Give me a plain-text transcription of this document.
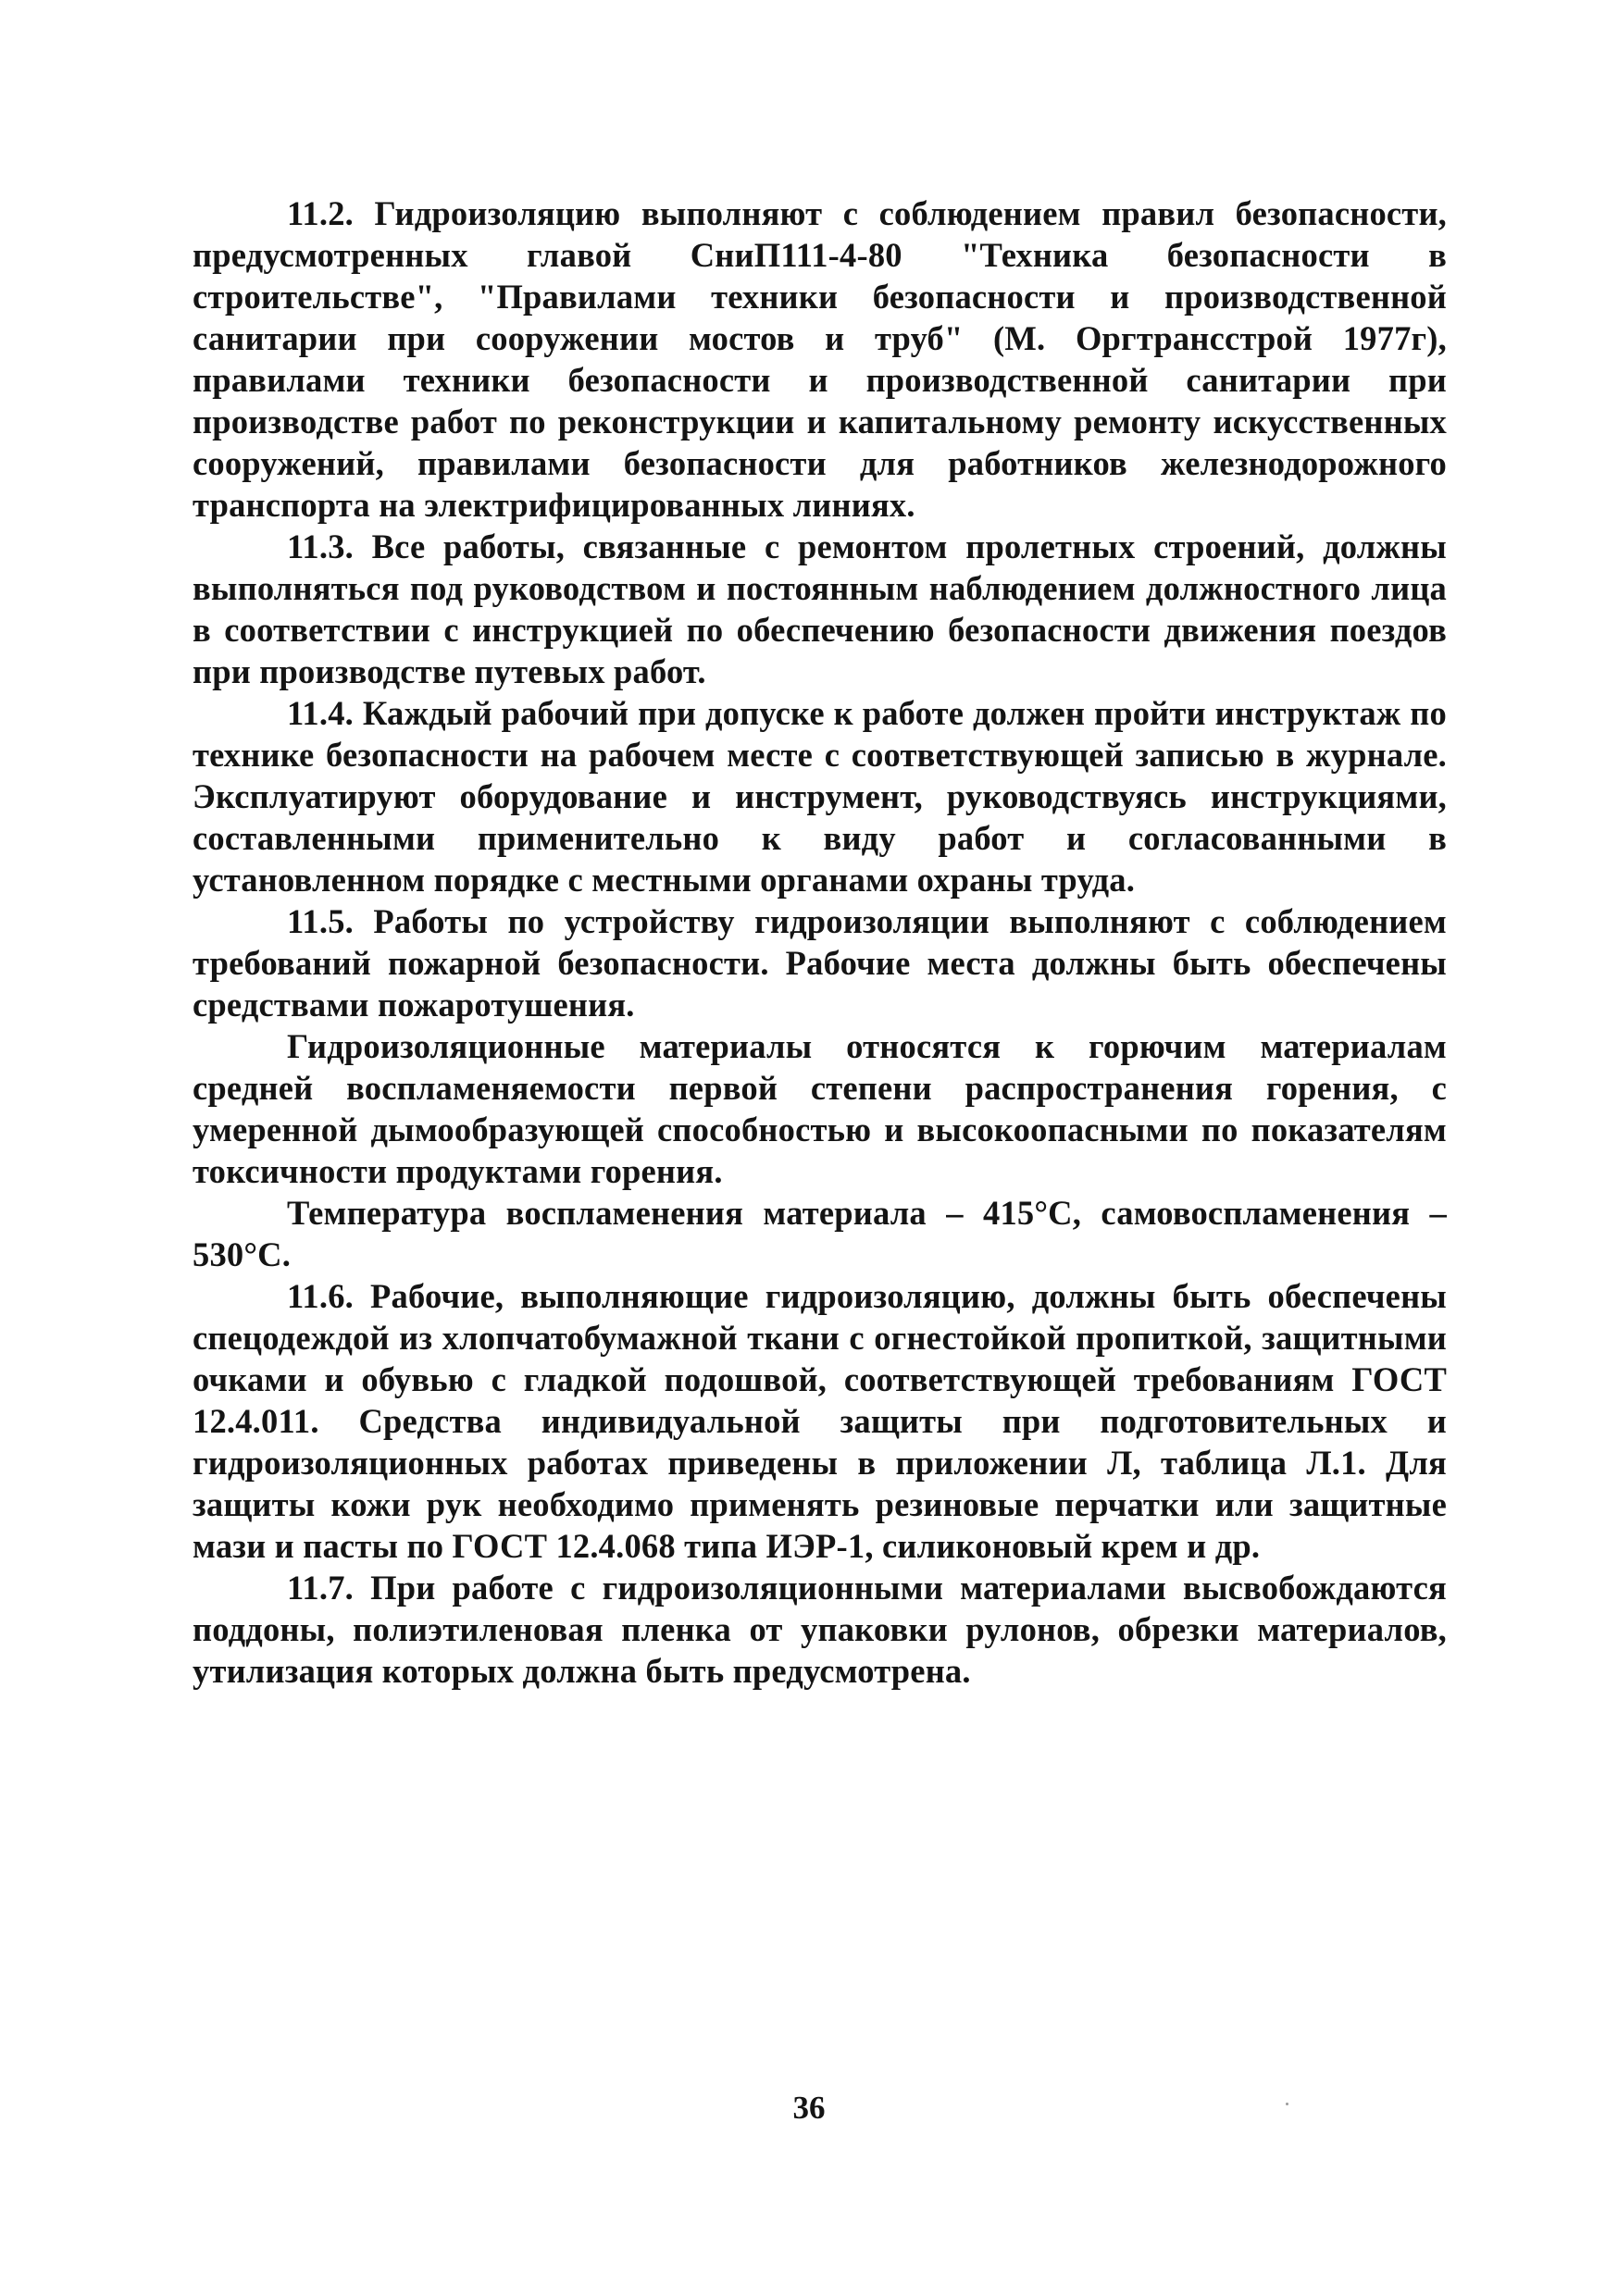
11.2. Гидроизоляцию выполняют с соблюдением правил безопасности, предусмотренных главой СниП111-4-80 "Техника безопасности в строительстве", "Правилами техники безопасности и производственной санитарии при сооружении мостов и труб" (М. Оргтрансстрой 1977г), правилами техники безопасности и производственной санитарии при производстве работ по реконструкции и капитальному ремонту искусственных сооружений, правилами безопасности для работников железнодорожного транспорта на электрифицированных линиях.

11.3. Все работы, связанные с ремонтом пролетных строений, должны выполняться под руководством и постоянным наблюдением должностного лица в соответствии с инструкцией по обеспечению безопасности движения поездов при производстве путевых работ.

11.4. Каждый рабочий при допуске к работе должен пройти инструктаж по технике безопасности на рабочем месте с соответствующей записью в журнале. Эксплуатируют оборудование и инструмент, руководствуясь инструкциями, составленными применительно к виду работ и согласованными в установленном порядке с местными органами охраны труда.

11.5. Работы по устройству гидроизоляции выполняют с соблюдением требований пожарной безопасности. Рабочие места должны быть обеспечены средствами пожаротушения.

Гидроизоляционные материалы относятся к горючим материалам средней воспламеняемости первой степени распространения горения, с умеренной дымообразующей способностью и высокоопасными по показателям токсичности продуктами горения.

Температура воспламенения материала – 415°С, самовоспламенения – 530°С.

11.6. Рабочие, выполняющие гидроизоляцию, должны быть обеспечены спецодеждой из хлопчатобумажной ткани с огнестойкой пропиткой, защитными очками и обувью с гладкой подошвой, соответствующей требованиям ГОСТ 12.4.011. Средства индивидуальной защиты при подготовительных и гидроизоляционных работах приведены в приложении Л, таблица Л.1. Для защиты кожи рук необходимо применять резиновые перчатки или защитные мази и пасты по ГОСТ 12.4.068 типа ИЭР-1, силиконовый крем и др.

11.7. При работе с гидроизоляционными материалами высвобождаются поддоны, полиэтиленовая пленка от упаковки рулонов, обрезки материалов, утилизация которых должна быть предусмотрена.

36
